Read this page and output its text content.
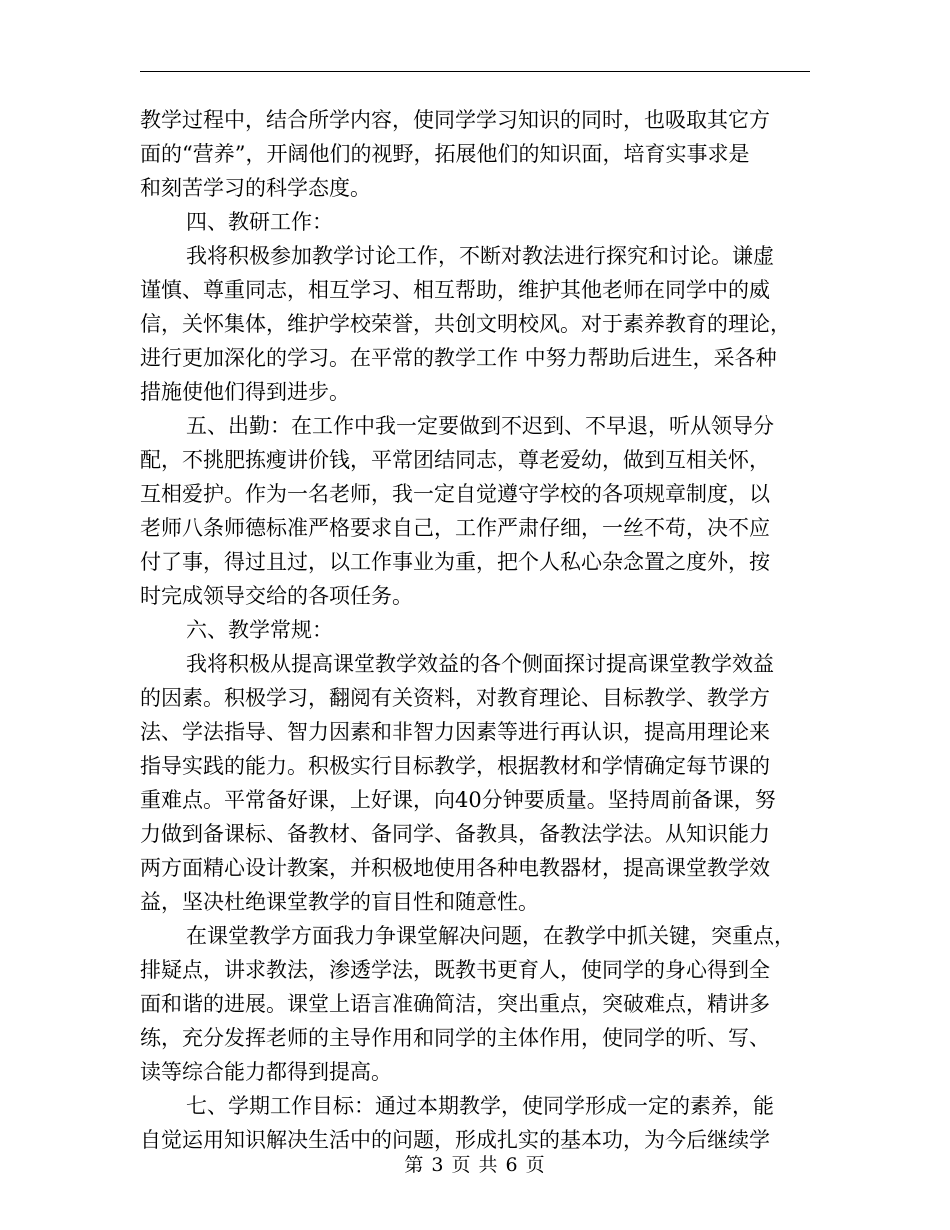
教学过程中，结合所学内容，使同学学习知识的同时，也吸取其它方
面的“营养”，开阔他们的视野，拓展他们的知识面，培育实事求是
和刻苦学习的科学态度。
四、教研工作：
我将积极参加教学讨论工作，不断对教法进行探究和讨论。谦虚
谨慎、尊重同志，相互学习、相互帮助，维护其他老师在同学中的威
信，关怀集体，维护学校荣誉，共创文明校风。对于素养教育的理论，
进行更加深化的学习。在平常的教学工作 中努力帮助后进生，采各种
措施使他们得到进步。
五、出勤：在工作中我一定要做到不迟到、不早退，听从领导分
配，不挑肥拣瘦讲价钱，平常团结同志，尊老爱幼，做到互相关怀，
互相爱护。作为一名老师，我一定自觉遵守学校的各项规章制度，以
老师八条师德标准严格要求自己，工作严肃仔细，一丝不苟，决不应
付了事，得过且过，以工作事业为重，把个人私心杂念置之度外，按
时完成领导交给的各项任务。
六、教学常规：
我将积极从提高课堂教学效益的各个侧面探讨提高课堂教学效益
的因素。积极学习，翻阅有关资料，对教育理论、目标教学、教学方
法、学法指导、智力因素和非智力因素等进行再认识，提高用理论来
指导实践的能力。积极实行目标教学，根据教材和学情确定每节课的
重难点。平常备好课，上好课，向40分钟要质量。坚持周前备课，努
力做到备课标、备教材、备同学、备教具，备教法学法。从知识能力
两方面精心设计教案，并积极地使用各种电教器材，提高课堂教学效
益，坚决杜绝课堂教学的盲目性和随意性。
在课堂教学方面我力争课堂解决问题，在教学中抓关键，突重点，
排疑点，讲求教法，渗透学法，既教书更育人，使同学的身心得到全
面和谐的进展。课堂上语言准确简洁，突出重点，突破难点，精讲多
练，充分发挥老师的主导作用和同学的主体作用，使同学的听、写、
读等综合能力都得到提高。
七、学期工作目标：通过本期教学，使同学形成一定的素养，能
自觉运用知识解决生活中的问题，形成扎实的基本功，为今后继续学
第 3 页 共 6 页
